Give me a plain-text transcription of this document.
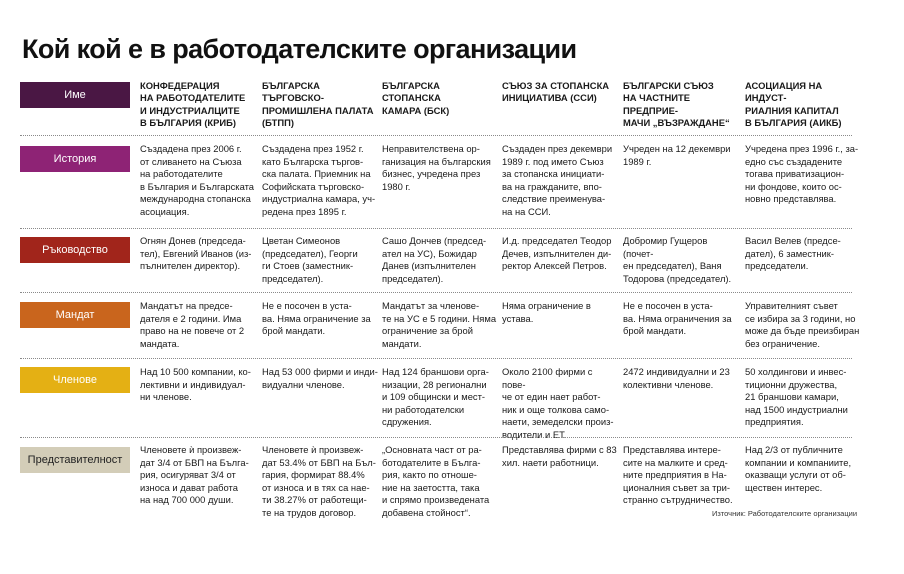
Кой кой е в работодателските организации
Име
КОНФЕДЕРАЦИЯ
НА РАБОТОДАТЕЛИТЕ
И ИНДУСТРИАЛЦИТЕ
В БЪЛГАРИЯ (КРИБ)
БЪЛГАРСКА ТЪРГОВСКО-
ПРОМИШЛЕНА ПАЛАТА
(БТПП)
БЪЛГАРСКА СТОПАНСКА
КАМАРА (БСК)
СЪЮЗ ЗА СТОПАНСКА
ИНИЦИАТИВА (ССИ)
БЪЛГАРСКИ СЪЮЗ
НА ЧАСТНИТЕ ПРЕДПРИЕ-
МАЧИ „ВЪЗРАЖДАНЕ“
АСОЦИАЦИЯ НА ИНДУСТ-
РИАЛНИЯ КАПИТАЛ
В БЪЛГАРИЯ (АИКБ)
История
Създадена през 2006 г.
от сливането на Съюза
на работодателите
в България и Българската
международна стопанска
асоциация.
Създадена през 1952 г.
като Българска търгов-
ска палата. Приемник на
Софийската търговско-
индустриална камара, уч-
редена през 1895 г.
Неправителствена ор-
ганизация на българския
бизнес, учредена през
1980 г.
Създаден през декември
1989 г. под името Съюз
за стопанска инициати-
ва на гражданите, впо-
следствие преименува-
на на ССИ.
Учреден на 12 декември
1989 г.
Учредена през 1996 г., за-
едно със създадените
тогава приватизацион-
ни фондове, които ос-
новно представлява.
Ръководство
Огнян Донев (председа-
тел), Евгений Иванов (из-
пълнителен директор).
Цветан Симеонов
(председател), Георги
ги Стоев (заместник-
председател).
Сашо Дончев (председ-
ател на УС), Божидар
Данев (изпълнителен
председател).
И.д. председател Теодор
Дечев, изпълнителен ди-
ректор Алексей Петров.
Добромир Гущеров (почет-
ен председател), Ваня
Тодорова (председател).
Васил Велев (предсе-
дател), 6 заместник-
председатели.
Мандат
Мандатът на предсе-
дателя е 2 години. Има
право на не повече от 2
мандата.
Не е посочен в уста-
ва. Няма ограничение за
брой мандати.
Мандатът за членове-
те на УС е 5 години. Няма
ограничение за брой
мандати.
Няма ограничение в
устава.
Не е посочен в уста-
ва. Няма ограничения за
брой мандати.
Управителният съвет
се избира за 3 години, но
може да бъде преизбиран
без ограничение.
Членове
Над 10 500 компании, ко-
лективни и индивидуал-
ни членове.
Над 53 000 фирми и инди-
видуални членове.
Над 124 браншови орга-
низации, 28 регионални
и 109 общински и мест-
ни работодателски
сдружения.
Около 2100 фирми с пове-
че от един нает работ-
ник и още толкова само-
наети, земеделски произ-
водители и ЕТ.
2472 индивидуални и 23
колективни членове.
50 холдингови и инвес-
тиционни дружества,
21 браншови камари,
над 1500 индустриални
предприятия.
Представителност
Членовете ѝ произвеж-
дат 3/4 от БВП на Бълга-
рия, осигуряват 3/4 от
износа и дават работа
на над 700 000 души.
Членовете ѝ произвеж-
дат 53.4% от БВП на Бъл-
гария, формират 88.4%
от износа и в тях са нае-
ти 38.27% от работещи-
те на трудов договор.
„Основната част от ра-
ботодателите в Бълга-
рия, както по отноше-
ние на заетостта, така
и спрямо произведената
добавена стойност“.
Представлява фирми с 83
хил. наети работници.
Представлява интере-
сите на малките и сред-
ните предприятия в На-
ционалния съвет за три-
странно сътрудничество.
Над 2/3 от публичните
компании и компаниите,
оказващи услуги от об-
ществен интерес.
Източник: Работодателските организации
